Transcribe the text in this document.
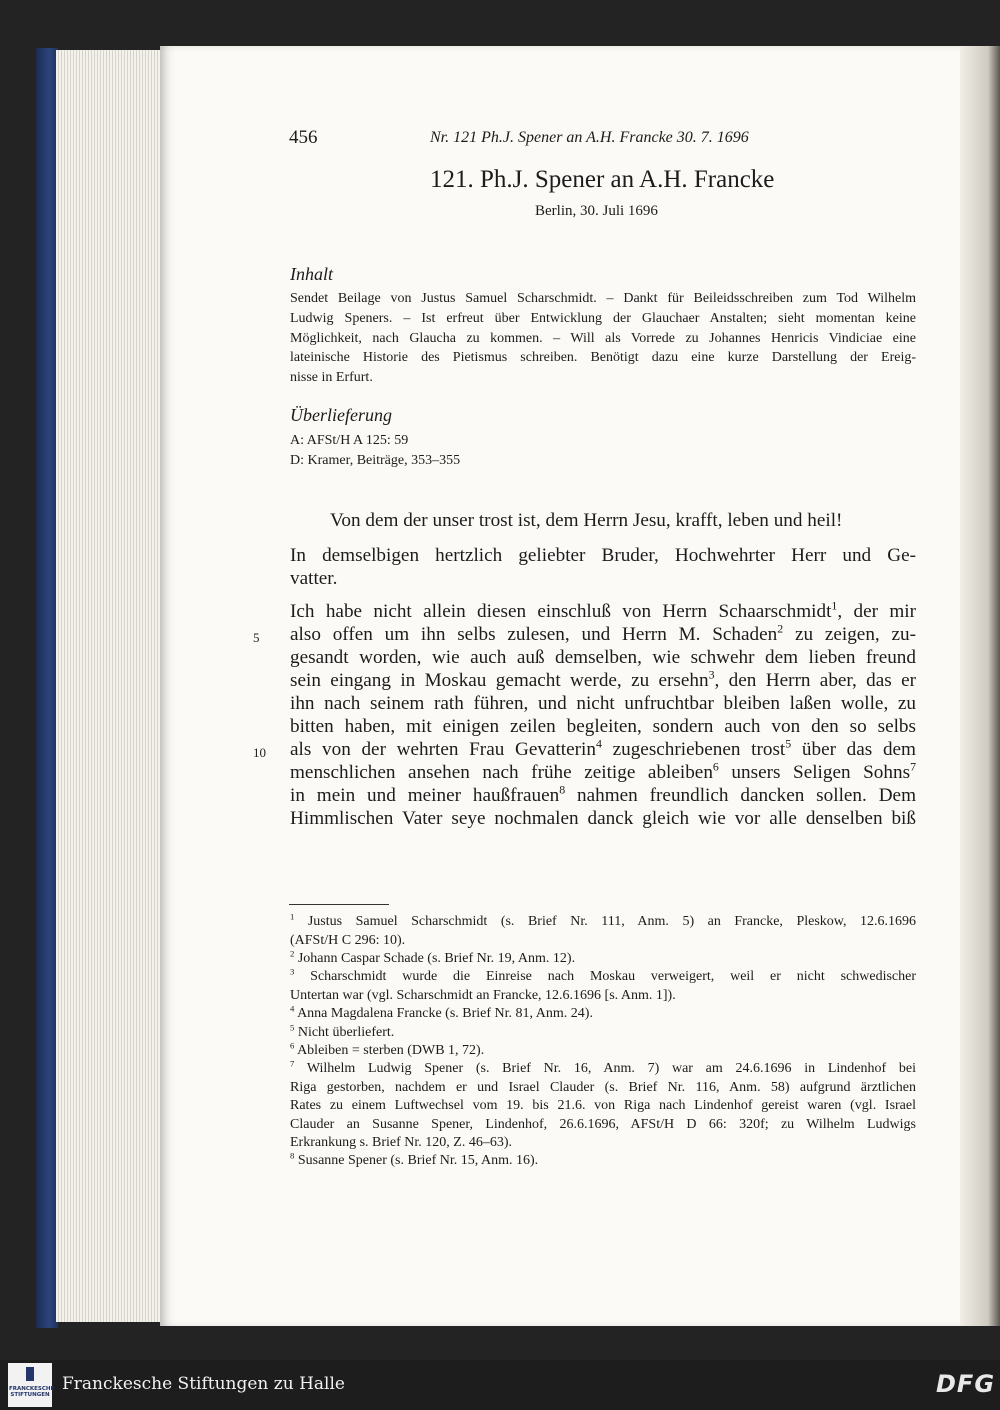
456	Nr. 121 Ph.J. Spener an A.H. Francke 30. 7. 1696
121. Ph.J. Spener an A.H. Francke
Berlin, 30. Juli 1696
Inhalt
Sendet Beilage von Justus Samuel Scharschmidt. – Dankt für Beileidsschreiben zum Tod Wilhelm
Ludwig Speners. – Ist erfreut über Entwicklung der Glauchaer Anstalten; sieht momentan keine
Möglichkeit, nach Glaucha zu kommen. – Will als Vorrede zu Johannes Henricis Vindiciae eine
lateinische Historie des Pietismus schreiben. Benötigt dazu eine kurze Darstellung der Ereig-
nisse in Erfurt.
Überlieferung
A: AFSt/H A 125: 59
D: Kramer, Beiträge, 353–355
Von dem der unser trost ist, dem Herrn Jesu, krafft, leben und heil!
In demselbigen hertzlich geliebter Bruder, Hochwehrter Herr und Ge-
vatter.
Ich habe nicht allein diesen einschluß von Herrn Schaarschmidt$^1$, der mir
also offen um ihn selbs zulesen, und Herrn M. Schaden$^2$ zu zeigen, zu-
gesandt worden, wie auch auß demselben, wie schwehr dem lieben freund
sein eingang in Moskau gemacht werde, zu ersehn$^3$, den Herrn aber, das er
ihn nach seinem rath führen, und nicht unfruchtbar bleiben laßen wolle, zu
bitten haben, mit einigen zeilen begleiten, sondern auch von den so selbs
als von der wehrten Frau Gevatterin$^4$ zugeschriebenen trost$^5$ über das dem
menschlichen ansehen nach frühe zeitige ableiben$^6$ unsers Seligen Sohns$^7$
in mein und meiner haußfrauen$^8$ nahmen freundlich dancken sollen. Dem
Himmlischen Vater seye nochmalen danck gleich wie vor alle denselben biß
5
10
$^1$ Justus Samuel Scharschmidt (s. Brief Nr. 111, Anm. 5) an Francke, Pleskow, 12.6.1696
(AFSt/H C 296: 10).
$^2$ Johann Caspar Schade (s. Brief Nr. 19, Anm. 12).
$^3$ Scharschmidt wurde die Einreise nach Moskau verweigert, weil er nicht schwedischer
Untertan war (vgl. Scharschmidt an Francke, 12.6.1696 [s. Anm. 1]).
$^4$ Anna Magdalena Francke (s. Brief Nr. 81, Anm. 24).
$^5$ Nicht überliefert.
$^6$ Ableiben = sterben (DWB 1, 72).
$^7$ Wilhelm Ludwig Spener (s. Brief Nr. 16, Anm. 7) war am 24.6.1696 in Lindenhof bei
Riga gestorben, nachdem er und Israel Clauder (s. Brief Nr. 116, Anm. 58) aufgrund ärztlichen
Rates zu einem Luftwechsel vom 19. bis 21.6. von Riga nach Lindenhof gereist waren (vgl. Israel
Clauder an Susanne Spener, Lindenhof, 26.6.1696, AFSt/H D 66: 320f; zu Wilhelm Ludwigs
Erkrankung s. Brief Nr. 120, Z. 46–63).
$^8$ Susanne Spener (s. Brief Nr. 15, Anm. 16).
FRANCKESCHE STIFTUNGEN
Franckesche Stiftungen zu Halle	DFG
